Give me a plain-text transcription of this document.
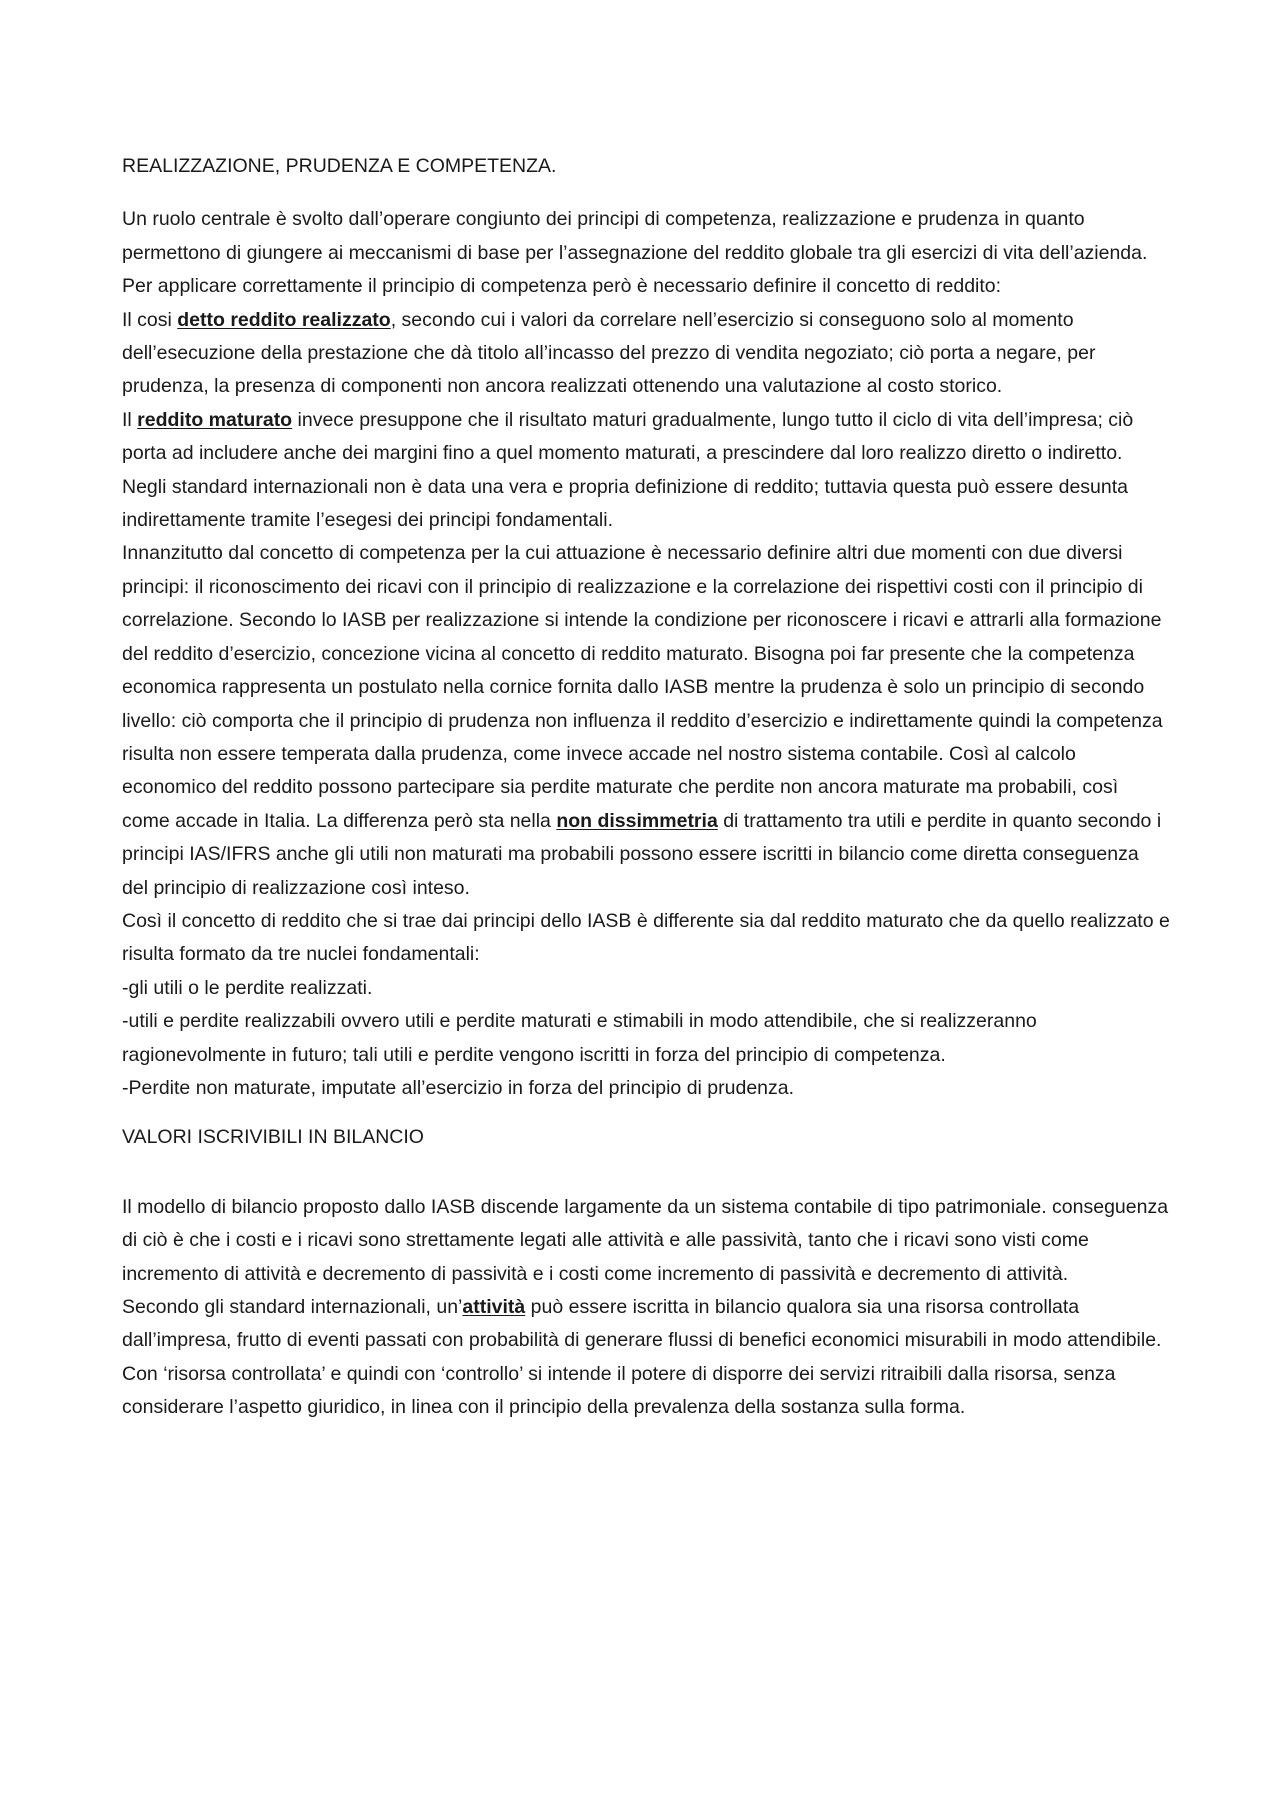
REALIZZAZIONE, PRUDENZA E COMPETENZA.

Un ruolo centrale è svolto dall’operare congiunto dei principi di competenza, realizzazione e prudenza in quanto permettono di giungere ai meccanismi di base per l’assegnazione del reddito globale tra gli esercizi di vita dell’azienda. Per applicare correttamente il principio di competenza però è necessario definire il concetto di reddito:

Il cosi detto reddito realizzato, secondo cui i valori da correlare nell’esercizio si conseguono solo al momento dell’esecuzione della prestazione che dà titolo all’incasso del prezzo di vendita negoziato; ciò porta a negare, per prudenza, la presenza di componenti non ancora realizzati ottenendo una valutazione al costo storico.

Il reddito maturato invece presuppone che il risultato maturi gradualmente, lungo tutto il ciclo di vita dell’impresa; ciò porta ad includere anche dei margini fino a quel momento maturati, a prescindere dal loro realizzo diretto o indiretto.

Negli standard internazionali non è data una vera e propria definizione di reddito; tuttavia questa può essere desunta indirettamente tramite l’esegesi dei principi fondamentali.

Innanzitutto dal concetto di competenza per la cui attuazione è necessario definire altri due momenti con due diversi principi: il riconoscimento dei ricavi con il principio di realizzazione e la correlazione dei rispettivi costi con il principio di correlazione. Secondo lo IASB per realizzazione si intende la condizione per riconoscere i ricavi e attrarli alla formazione del reddito d’esercizio, concezione vicina al concetto di reddito maturato. Bisogna poi far presente che la competenza economica rappresenta un postulato nella cornice fornita dallo IASB mentre la prudenza è solo un principio di secondo livello: ciò comporta che il principio di prudenza non influenza il reddito d’esercizio e indirettamente quindi la competenza risulta non essere temperata dalla prudenza, come invece accade nel nostro sistema contabile. Così al calcolo economico del reddito possono partecipare sia perdite maturate che perdite non ancora maturate ma probabili, così come accade in Italia. La differenza però sta nella non dissimmetria di trattamento tra utili e perdite in quanto secondo i principi IAS/IFRS anche gli utili non maturati ma probabili possono essere iscritti in bilancio come diretta conseguenza del principio di realizzazione così inteso.

Così il concetto di reddito che si trae dai principi dello IASB è differente sia dal reddito maturato che da quello realizzato e risulta formato da tre nuclei fondamentali:

-gli utili o le perdite realizzati.

-utili e perdite realizzabili ovvero utili e perdite maturati e stimabili in modo attendibile, che si realizzeranno ragionevolmente in futuro; tali utili e perdite vengono iscritti in forza del principio di competenza.

-Perdite non maturate, imputate all’esercizio in forza del principio di prudenza.

VALORI ISCRIVIBILI IN BILANCIO

Il modello di bilancio proposto dallo IASB discende largamente da un sistema contabile di tipo patrimoniale. conseguenza di ciò è che i costi e i ricavi sono strettamente legati alle attività e alle passività, tanto che i ricavi sono visti come incremento di attività e decremento di passività e i costi come incremento di passività e decremento di attività.

Secondo gli standard internazionali, un’attività può essere iscritta in bilancio qualora sia una risorsa controllata dall’impresa, frutto di eventi passati con probabilità di generare flussi di benefici economici misurabili in modo attendibile. Con ‘risorsa controllata’ e quindi con ‘controllo’ si intende il potere di disporre dei servizi ritraibili dalla risorsa, senza considerare l’aspetto giuridico, in linea con il principio della prevalenza della sostanza sulla forma.
